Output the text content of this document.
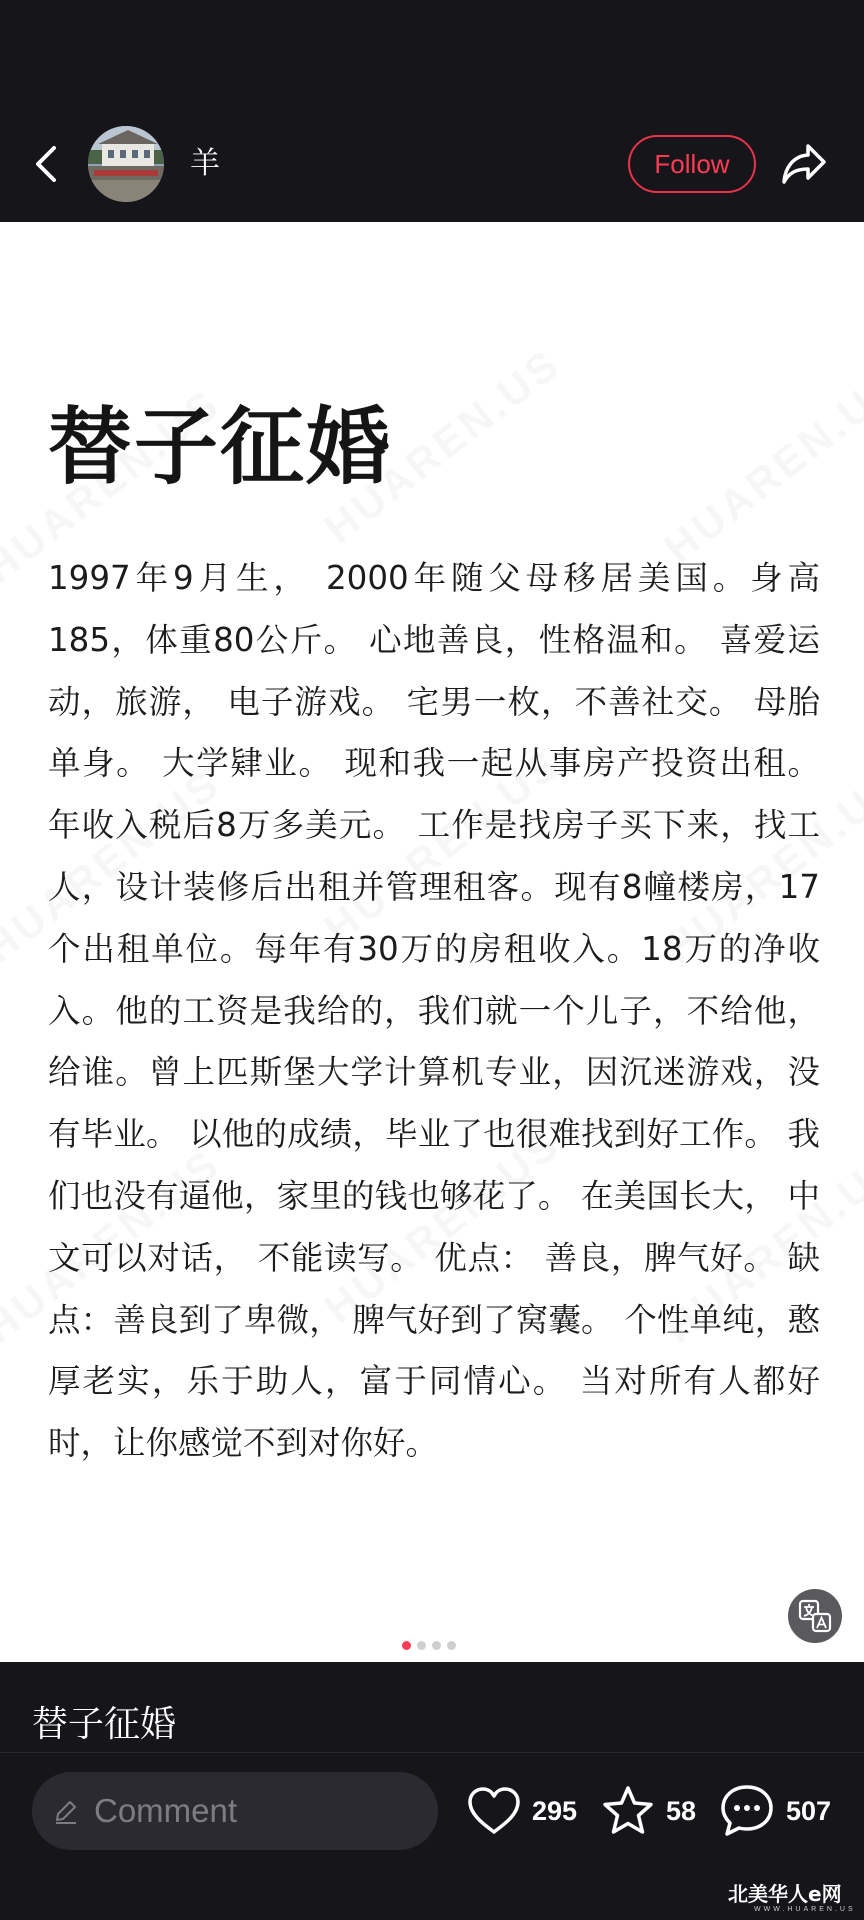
羊	Follow
替子征婚

1997年9月生， 2000年随父母移居美国。身高185，体重80公斤。 心地善良，性格温和。 喜爱运动，旅游， 电子游戏。 宅男一枚，不善社交。 母胎单身。 大学肄业。 现和我一起从事房产投资出租。 年收入税后8万多美元。 工作是找房子买下来，找工人，设计装修后出租并管理租客。现有8幢楼房，17个出租单位。每年有30万的房租收入。18万的净收入。他的工资是我给的，我们就一个儿子，不给他，给谁。曾上匹斯堡大学计算机专业，因沉迷游戏，没有毕业。 以他的成绩，毕业了也很难找到好工作。 我们也没有逼他，家里的钱也够花了。 在美国长大， 中文可以对话， 不能读写。 优点： 善良，脾气好。 缺点：善良到了卑微， 脾气好到了窝囊。 个性单纯，憨厚老实，乐于助人，富于同情心。 当对所有人都好时，让你感觉不到对你好。

替子征婚
Comment	295	58	507
北美华人e网
WWW.HUAREN.US
